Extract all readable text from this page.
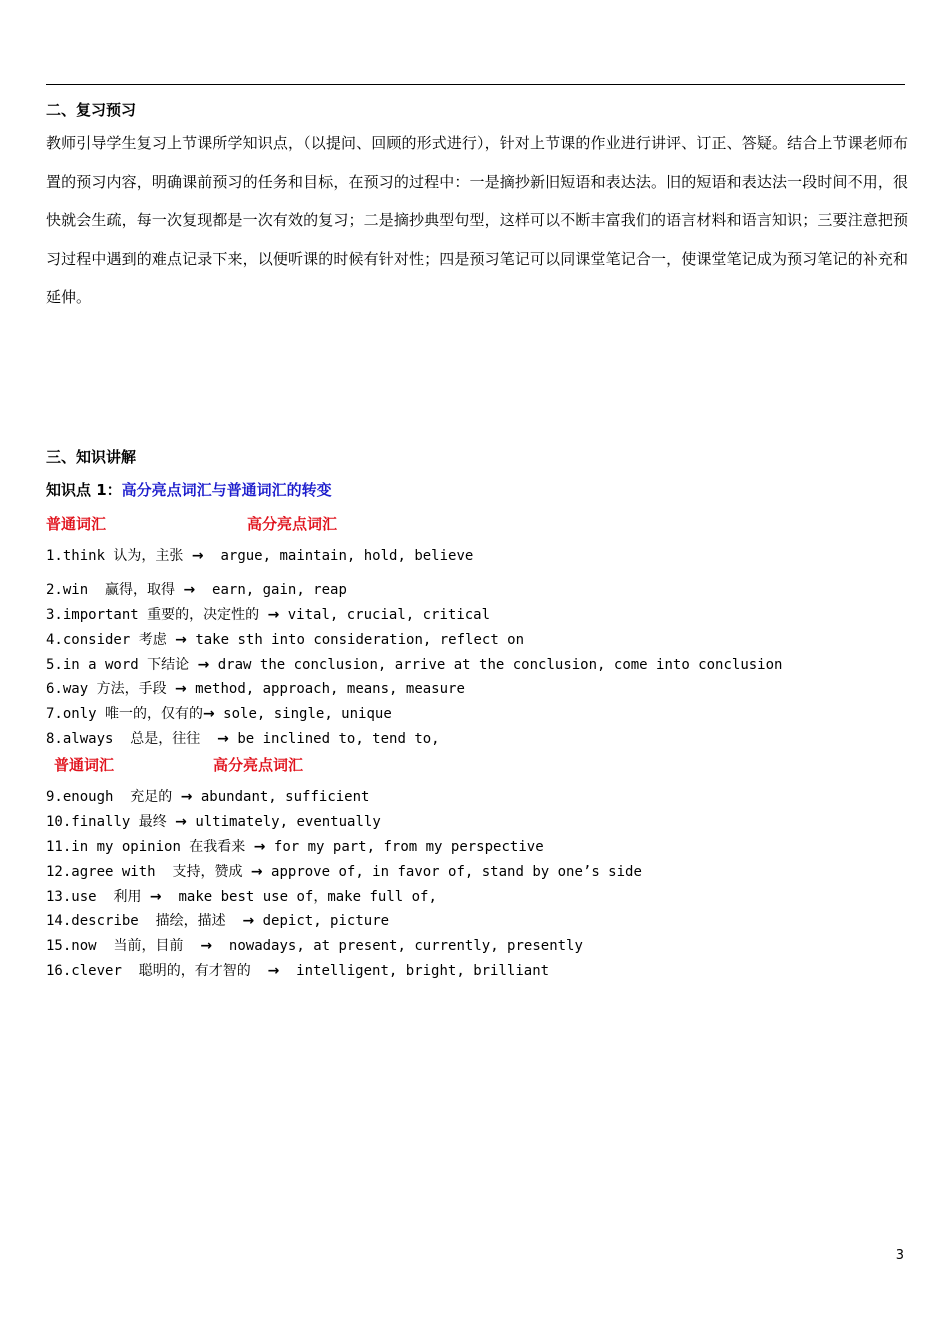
二、复习预习
教师引导学生复习上节课所学知识点，（以提问、回顾的形式进行），针对上节课的作业进行讲评、订正、答疑。结合上节课老师布置的预习内容，明确课前预习的任务和目标，在预习的过程中：一是摘抄新旧短语和表达法。旧的短语和表达法一段时间不用，很快就会生疏，每一次复现都是一次有效的复习；二是摘抄典型句型，这样可以不断丰富我们的语言材料和语言知识；三要注意把预习过程中遇到的难点记录下来，以便听课的时候有针对性；四是预习笔记可以同课堂笔记合一，使课堂笔记成为预习笔记的补充和延伸。
三、知识讲解
知识点 1：高分亮点词汇与普通词汇的转变
普通词汇	高分亮点词汇
1.think 认为，主张 →  argue, maintain, hold, believe
2.win  赢得，取得 →  earn, gain, reap
3.important 重要的，决定性的 → vital, crucial, critical
4.consider 考虑 → take sth into consideration, reflect on
5.in a word 下结论 → draw the conclusion, arrive at the conclusion, come into conclusion
6.way 方法，手段 → method, approach, means, measure
7.only 唯一的，仅有的→ sole, single, unique
8.always  总是，往往  → be inclined to, tend to,
普通词汇	高分亮点词汇
9.enough  充足的 → abundant, sufficient
10.finally 最终 → ultimately, eventually
11.in my opinion 在我看来 → for my part, from my perspective
12.agree with  支持，赞成 → approve of, in favor of, stand by one’s side
13.use  利用 →  make best use of，make full of,
14.describe  描绘，描述  → depict, picture
15.now  当前，目前  →  nowadays, at present, currently, presently
16.clever  聪明的，有才智的  →  intelligent, bright, brilliant
3
